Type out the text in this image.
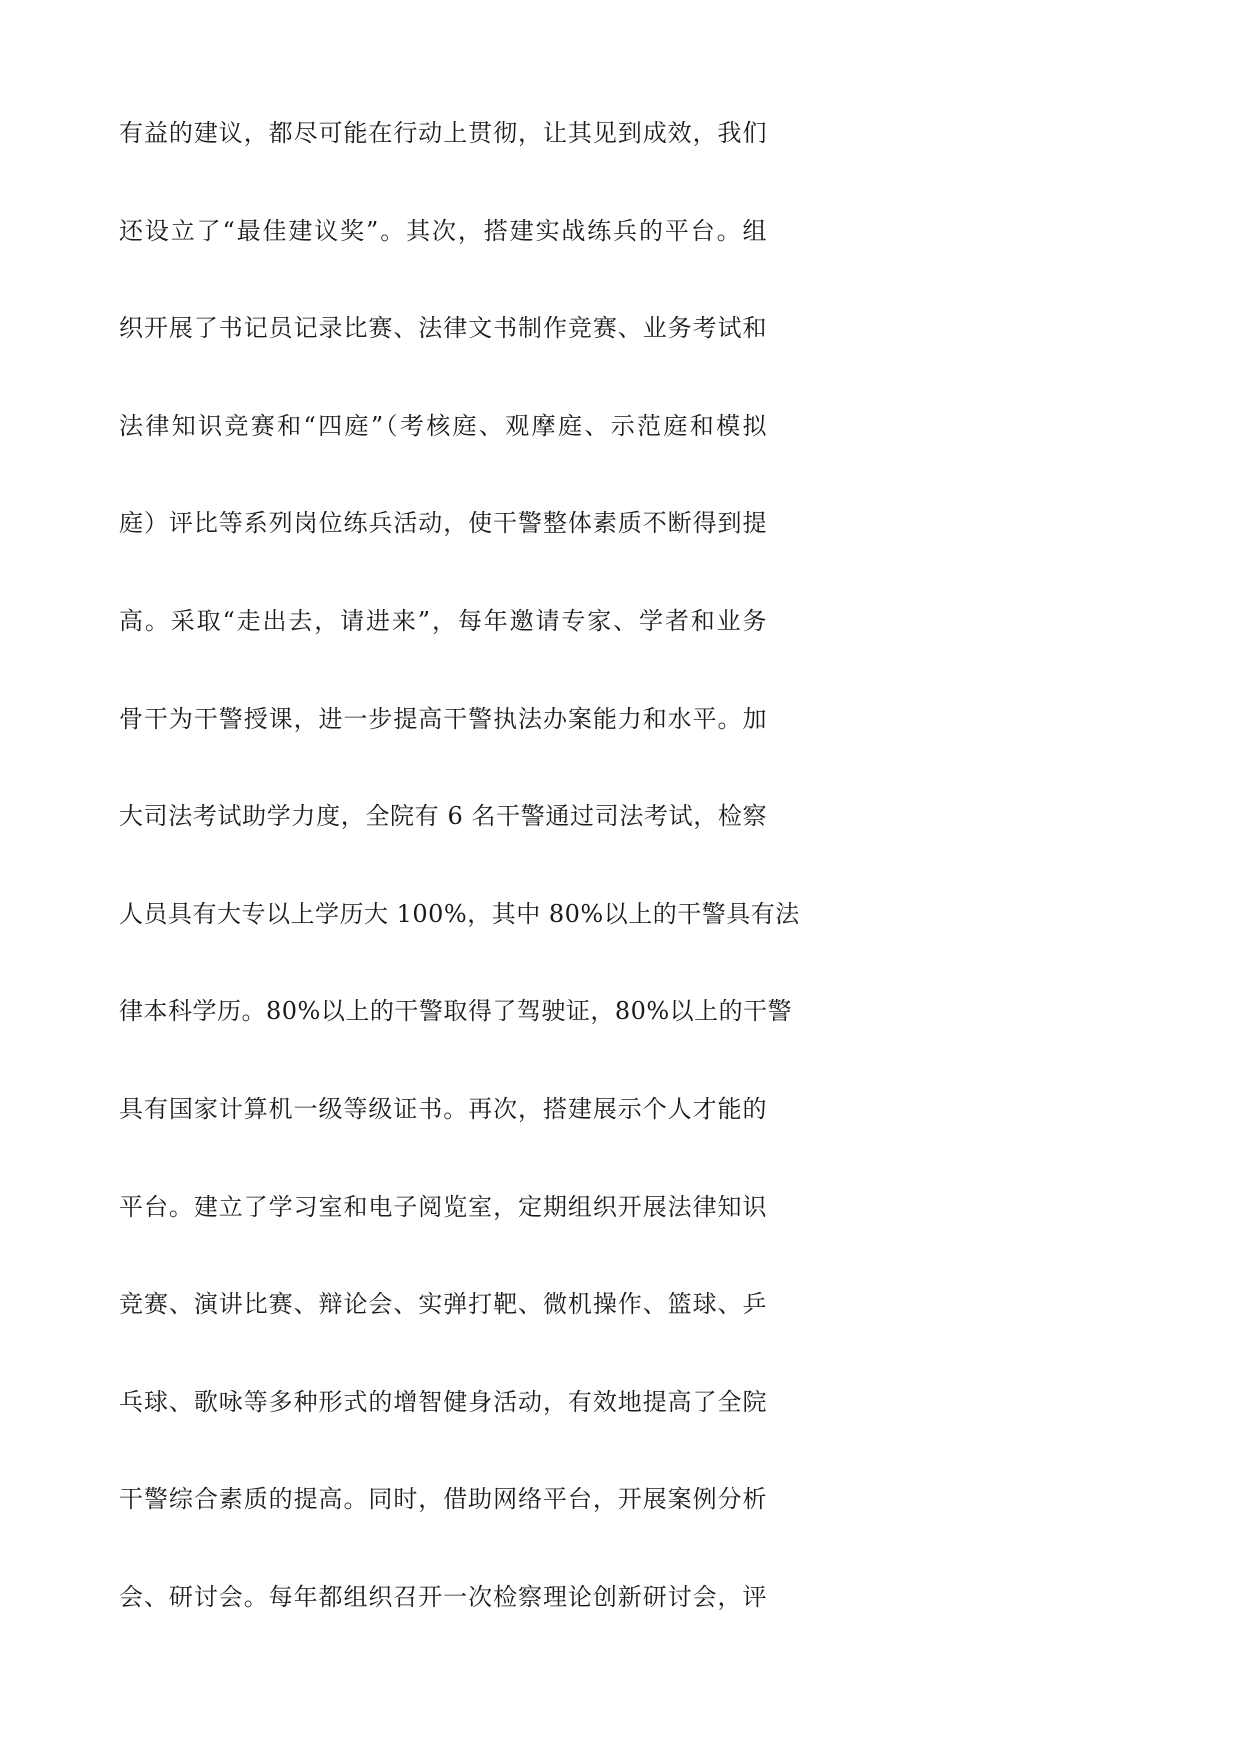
有益的建议，都尽可能在行动上贯彻，让其见到成效，我们
还设立了“最佳建议奖”。其次，搭建实战练兵的平台。组
织开展了书记员记录比赛、法律文书制作竞赛、业务考试和
法律知识竞赛和“四庭”（考核庭、观摩庭、示范庭和模拟
庭）评比等系列岗位练兵活动，使干警整体素质不断得到提
高。采取“走出去，请进来”，每年邀请专家、学者和业务
骨干为干警授课，进一步提高干警执法办案能力和水平。加
大司法考试助学力度，全院有 6 名干警通过司法考试，检察
人员具有大专以上学历大 100%，其中 80%以上的干警具有法
律本科学历。80%以上的干警取得了驾驶证，80%以上的干警
具有国家计算机一级等级证书。再次，搭建展示个人才能的
平台。建立了学习室和电子阅览室，定期组织开展法律知识
竞赛、演讲比赛、辩论会、实弹打靶、微机操作、篮球、乒
乓球、歌咏等多种形式的增智健身活动，有效地提高了全院
干警综合素质的提高。同时，借助网络平台，开展案例分析
会、研讨会。每年都组织召开一次检察理论创新研讨会，评
